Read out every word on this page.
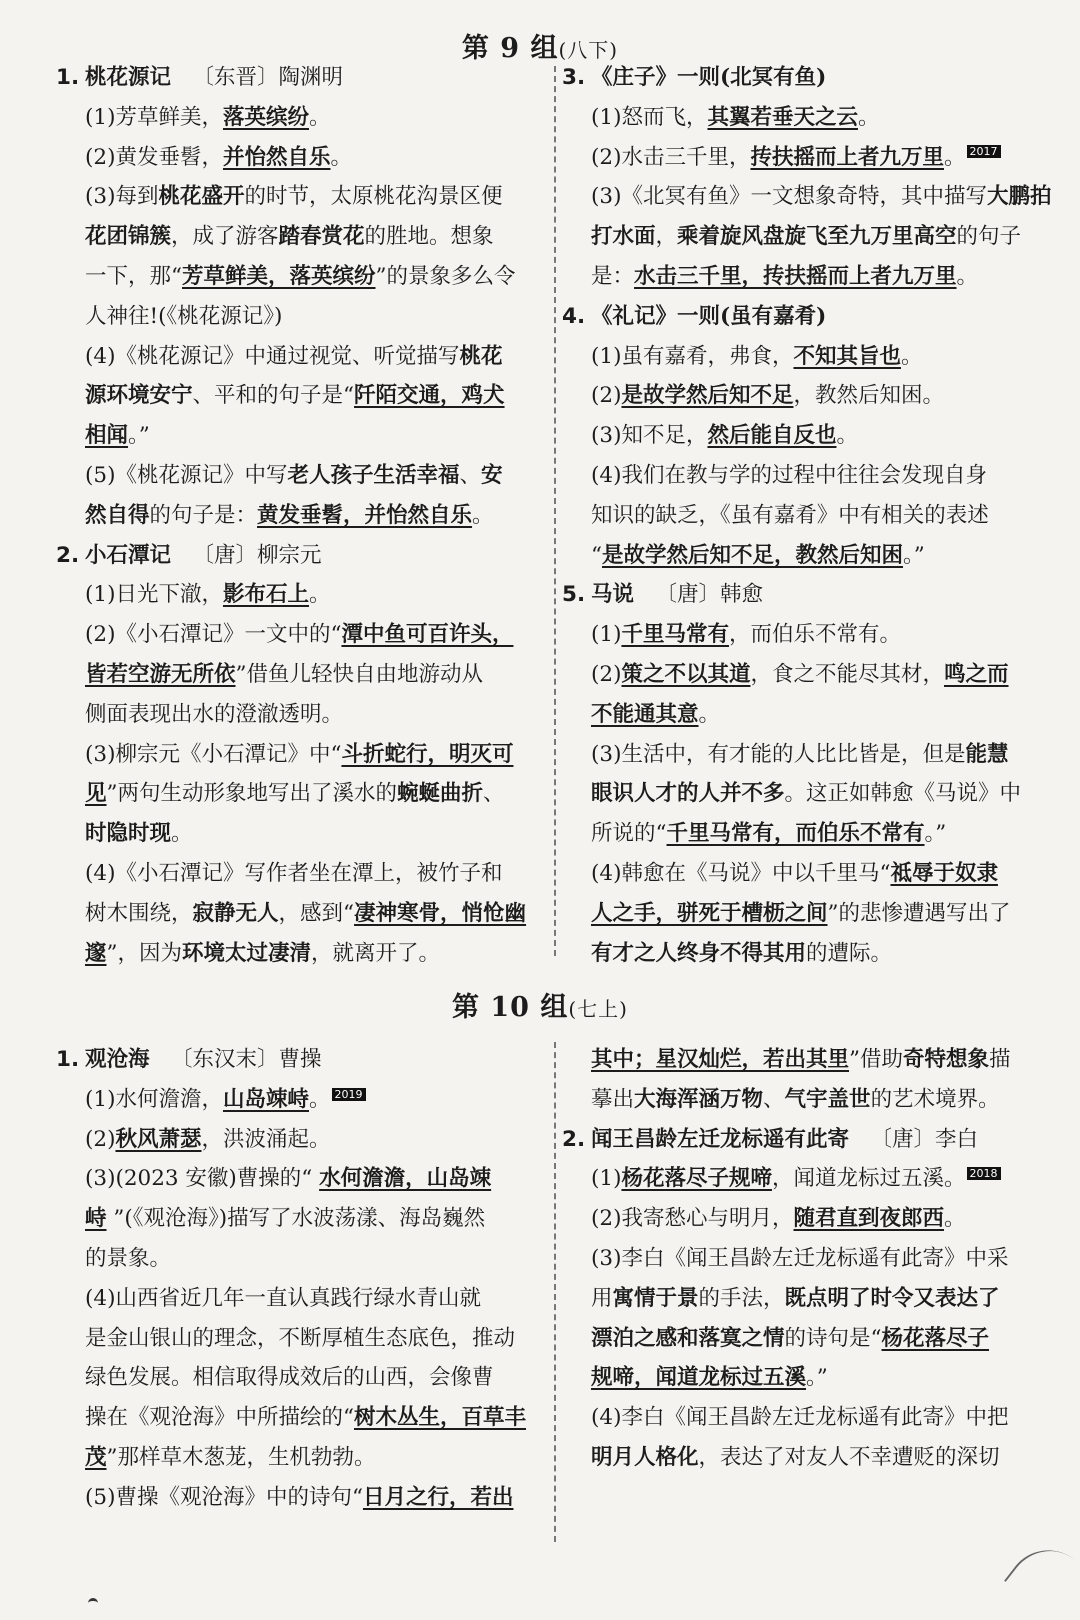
第 9 组(八下)
1. 桃花源记 〔东晋〕陶渊明
(1)芳草鲜美，落英缤纷。
(2)黄发垂髫，并怡然自乐。
(3)每到桃花盛开的时节，太原桃花沟景区便
花团锦簇，成了游客踏春赏花的胜地。想象
一下，那“芳草鲜美，落英缤纷”的景象多么令
人神往!(《桃花源记》)
(4)《桃花源记》中通过视觉、听觉描写桃花
源环境安宁、平和的句子是“阡陌交通，鸡犬
相闻。”
(5)《桃花源记》中写老人孩子生活幸福、安
然自得的句子是：黄发垂髫，并怡然自乐。
2. 小石潭记 〔唐〕柳宗元
(1)日光下澈，影布石上。
(2)《小石潭记》一文中的“潭中鱼可百许头，
皆若空游无所依”借鱼儿轻快自由地游动从
侧面表现出水的澄澈透明。
(3)柳宗元《小石潭记》中“斗折蛇行，明灭可
见”两句生动形象地写出了溪水的蜿蜒曲折、
时隐时现。
(4)《小石潭记》写作者坐在潭上，被竹子和
树木围绕，寂静无人，感到“凄神寒骨，悄怆幽
邃”，因为环境太过凄清，就离开了。
3. 《庄子》一则(北冥有鱼)
(1)怒而飞，其翼若垂天之云。
(2)水击三千里，抟扶摇而上者九万里。 2017
(3)《北冥有鱼》一文想象奇特，其中描写大鹏拍
打水面，乘着旋风盘旋飞至九万里高空的句子
是：水击三千里，抟扶摇而上者九万里。
4. 《礼记》一则(虽有嘉肴)
(1)虽有嘉肴，弗食，不知其旨也。
(2)是故学然后知不足，教然后知困。
(3)知不足，然后能自反也。
(4)我们在教与学的过程中往往会发现自身
知识的缺乏，《虽有嘉肴》中有相关的表述
“是故学然后知不足，教然后知困。”
5. 马说 〔唐〕韩愈
(1)千里马常有，而伯乐不常有。
(2)策之不以其道，食之不能尽其材，鸣之而
不能通其意。
(3)生活中，有才能的人比比皆是，但是能慧
眼识人才的人并不多。这正如韩愈《马说》中
所说的“千里马常有，而伯乐不常有。”
(4)韩愈在《马说》中以千里马“祗辱于奴隶
人之手，骈死于槽枥之间”的悲惨遭遇写出了
有才之人终身不得其用的遭际。
第 10 组(七上)
1. 观沧海 〔东汉末〕曹操
(1)水何澹澹，山岛竦峙。 2019
(2)秋风萧瑟，洪波涌起。
(3)(2023 安徽)曹操的“ 水何澹澹，山岛竦
峙 ”(《观沧海》)描写了水波荡漾、海岛巍然
的景象。
(4)山西省近几年一直认真践行绿水青山就
是金山银山的理念，不断厚植生态底色，推动
绿色发展。相信取得成效后的山西，会像曹
操在《观沧海》中所描绘的“树木丛生，百草丰
茂”那样草木葱茏，生机勃勃。
(5)曹操《观沧海》中的诗句“日月之行，若出
其中；星汉灿烂，若出其里”借助奇特想象描
摹出大海浑涵万物、气宇盖世的艺术境界。
2. 闻王昌龄左迁龙标遥有此寄 〔唐〕李白
(1)杨花落尽子规啼，闻道龙标过五溪。 2018
(2)我寄愁心与明月，随君直到夜郎西。
(3)李白《闻王昌龄左迁龙标遥有此寄》中采
用寓情于景的手法，既点明了时令又表达了
漂泊之感和落寞之情的诗句是“杨花落尽子
规啼，闻道龙标过五溪。”
(4)李白《闻王昌龄左迁龙标遥有此寄》中把
明月人格化，表达了对友人不幸遭贬的深切
